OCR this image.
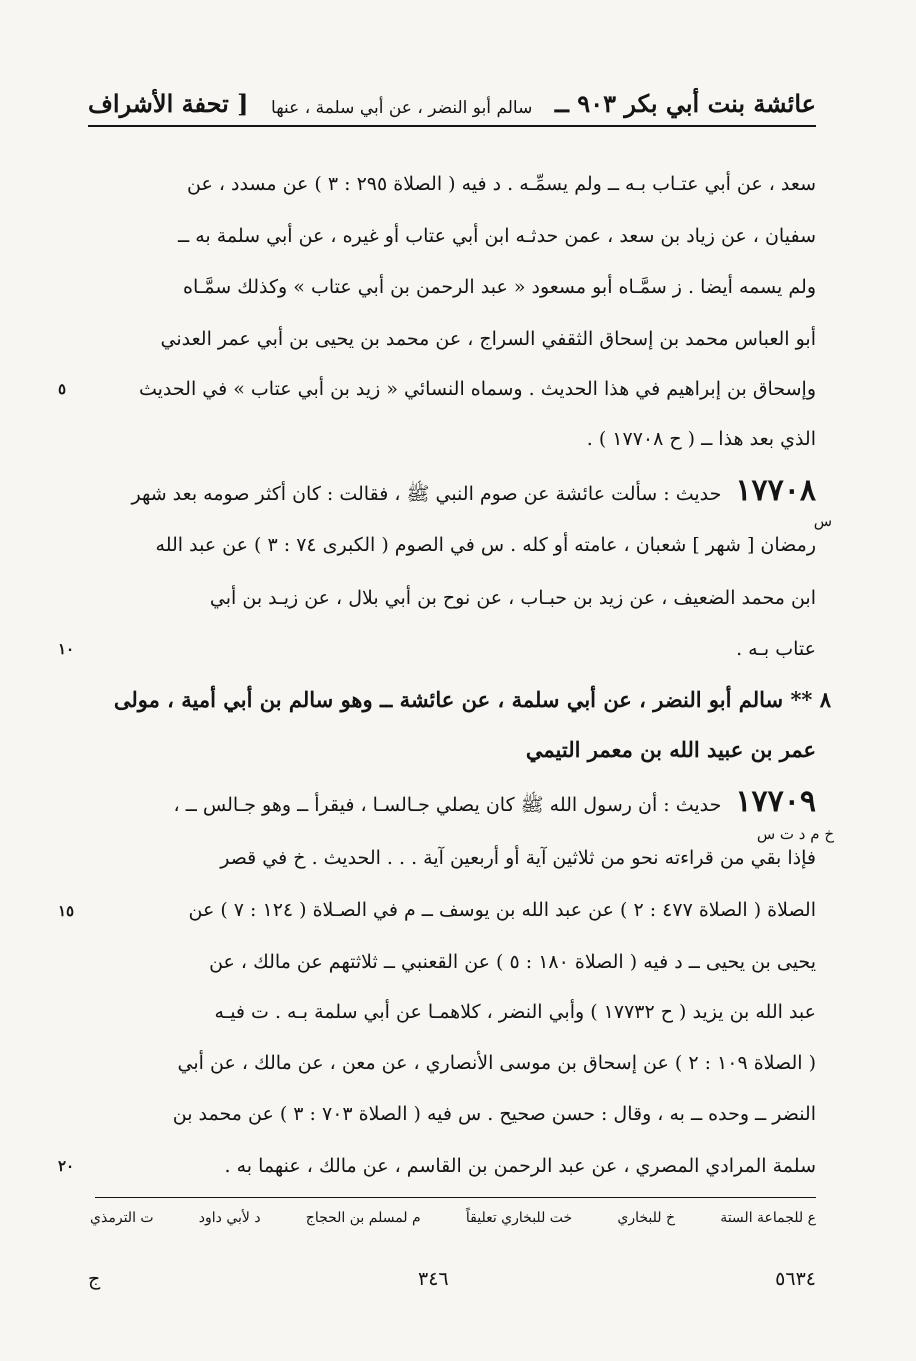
عائشة بنت أبي بكر ٩٠٣ ــ
سالم أبو النضر ، عن أبي سلمة ، عنها
[ تحفة الأشراف
سعد ، عن أبي عتـاب بـه ــ ولم يسمِّـه . د فيه ( الصلاة ٢٩٥ : ٣ ) عن مسدد ، عن
سفيان ، عن زياد بن سعد ، عمن حدثـه ابن أبي عتاب أو غيره ، عن أبي سلمة به ــ
ولم يسمه أيضا . ز سمَّـاه أبو مسعود « عبد الرحمن بن أبي عتاب » وكذلك سمَّـاه
أبو العباس محمد بن إسحاق الثقفي السراج ، عن محمد بن يحيى بن أبي عمر العدني
وإسحاق بن إبراهيم في هذا الحديث . وسماه النسائي « زيد بن أبي عتاب » في الحديث
الذي بعد هذا ــ ( ح ١٧٧٠٨ ) .
١٧٧٠٨ حديث : سألت عائشة عن صوم النبي ﷺ ، فقالت : كان أكثر صومه بعد شهر
رمضان [ شهر ] شعبان ، عامته أو كله . س في الصوم ( الكبرى ٧٤ : ٣ ) عن عبد الله
ابن محمد الضعيف ، عن زيد بن حبـاب ، عن نوح بن أبي بلال ، عن زيـد بن أبي
عتاب بـه .
٨ ** سالم أبو النضر ، عن أبي سلمة ، عن عائشة ــ وهو سالم بن أبي أمية ، مولى
عمر بن عبيد الله بن معمر التيمي
١٧٧٠٩ حديث : أن رسول الله ﷺ كان يصلي جـالسـا ، فيقرأ ــ وهو جـالس ــ ،
فإذا بقي من قراءته نحو من ثلاثين آية أو أربعين آية . . . الحديث . خ في قصر
الصلاة ( الصلاة ٤٧٧ : ٢ ) عن عبد الله بن يوسف ــ م في الصـلاة ( ١٢٤ : ٧ ) عن
يحيى بن يحيى ــ د فيه ( الصلاة ١٨٠ : ٥ ) عن القعنبي ــ ثلاثتهم عن مالك ، عن
عبد الله بن يزيد ( ح ١٧٧٣٢ ) وأبي النضر ، كلاهمـا عن أبي سلمة بـه . ت فيـه
( الصلاة ١٠٩ : ٢ ) عن إسحاق بن موسى الأنصاري ، عن معن ، عن مالك ، عن أبي
النضر ــ وحده ــ به ، وقال : حسن صحيح . س فيه ( الصلاة ٧٠٣ : ٣ ) عن محمد بن
سلمة المرادي المصري ، عن عبد الرحمن بن القاسم ، عن مالك ، عنهما به .
٥
١٠
١٥
٢٠
س
خ م د ت س
ع للجماعة الستة
خ للبخاري
خت للبخاري تعليقاً
م لمسلم بن الحجاج
د لأبي داود
ت الترمذي
ج	٣٤٦	٥٦٣٤
